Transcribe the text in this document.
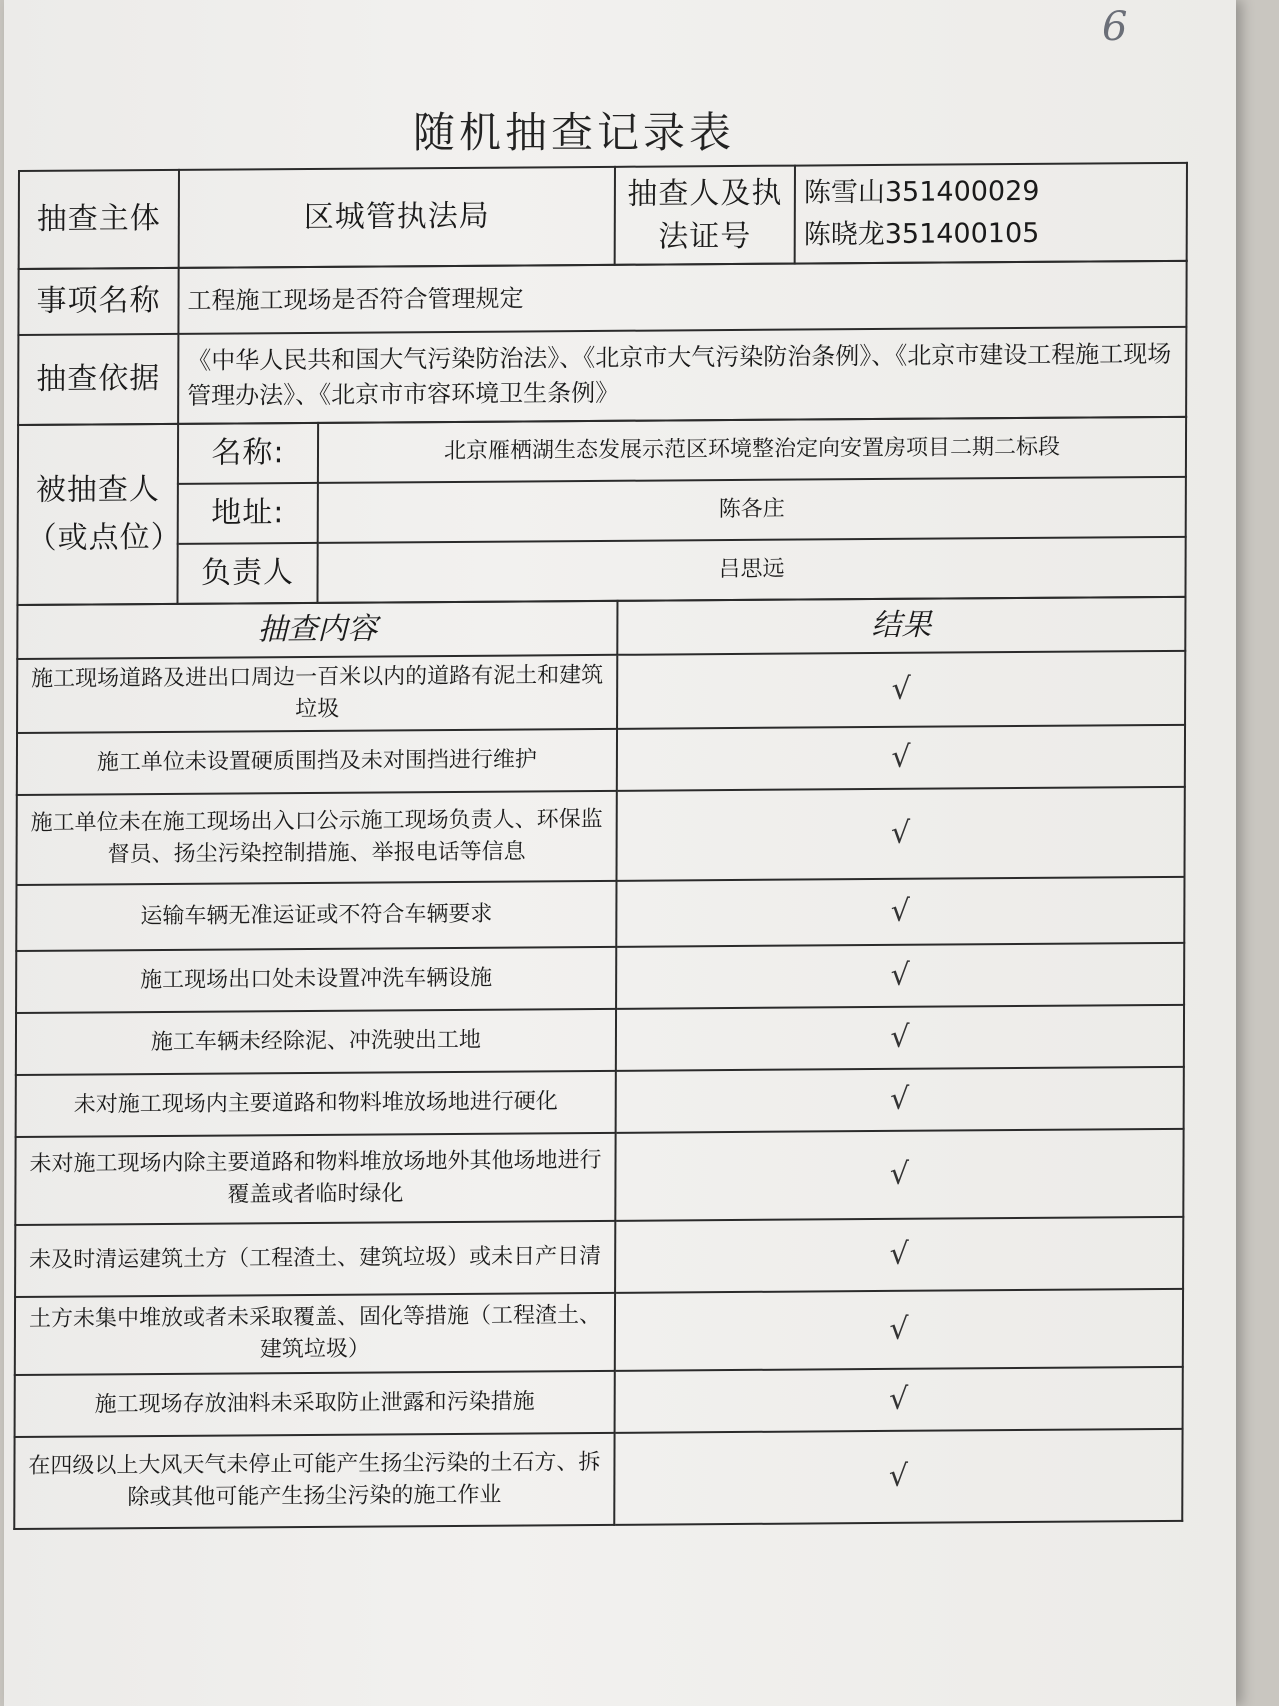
6
随机抽查记录表
抽查主体	区城管执法局	抽查人及执法证号	
陈雪山351400029
陈晓龙351400105
事项名称	工程施工现场是否符合管理规定
抽查依据	《中华人民共和国大气污染防治法》、《北京市大气污染防治条例》、《北京市建设工程施工现场管理办法》、《北京市市容环境卫生条例》
被抽查人（或点位）	名称:	北京雁栖湖生态发展示范区环境整治定向安置房项目二期二标段
	地址:	陈各庄
	负责人	吕思远
抽查内容	结果
施工现场道路及进出口周边一百米以内的道路有泥土和建筑垃圾	√
施工单位未设置硬质围挡及未对围挡进行维护	√
施工单位未在施工现场出入口公示施工现场负责人、环保监督员、扬尘污染控制措施、举报电话等信息	√
运输车辆无准运证或不符合车辆要求	√
施工现场出口处未设置冲洗车辆设施	√
施工车辆未经除泥、冲洗驶出工地	√
未对施工现场内主要道路和物料堆放场地进行硬化	√
未对施工现场内除主要道路和物料堆放场地外其他场地进行覆盖或者临时绿化	√
未及时清运建筑土方（工程渣土、建筑垃圾）或未日产日清	√
土方未集中堆放或者未采取覆盖、固化等措施（工程渣土、建筑垃圾）	√
施工现场存放油料未采取防止泄露和污染措施	√
在四级以上大风天气未停止可能产生扬尘污染的土石方、拆除或其他可能产生扬尘污染的施工作业	√
